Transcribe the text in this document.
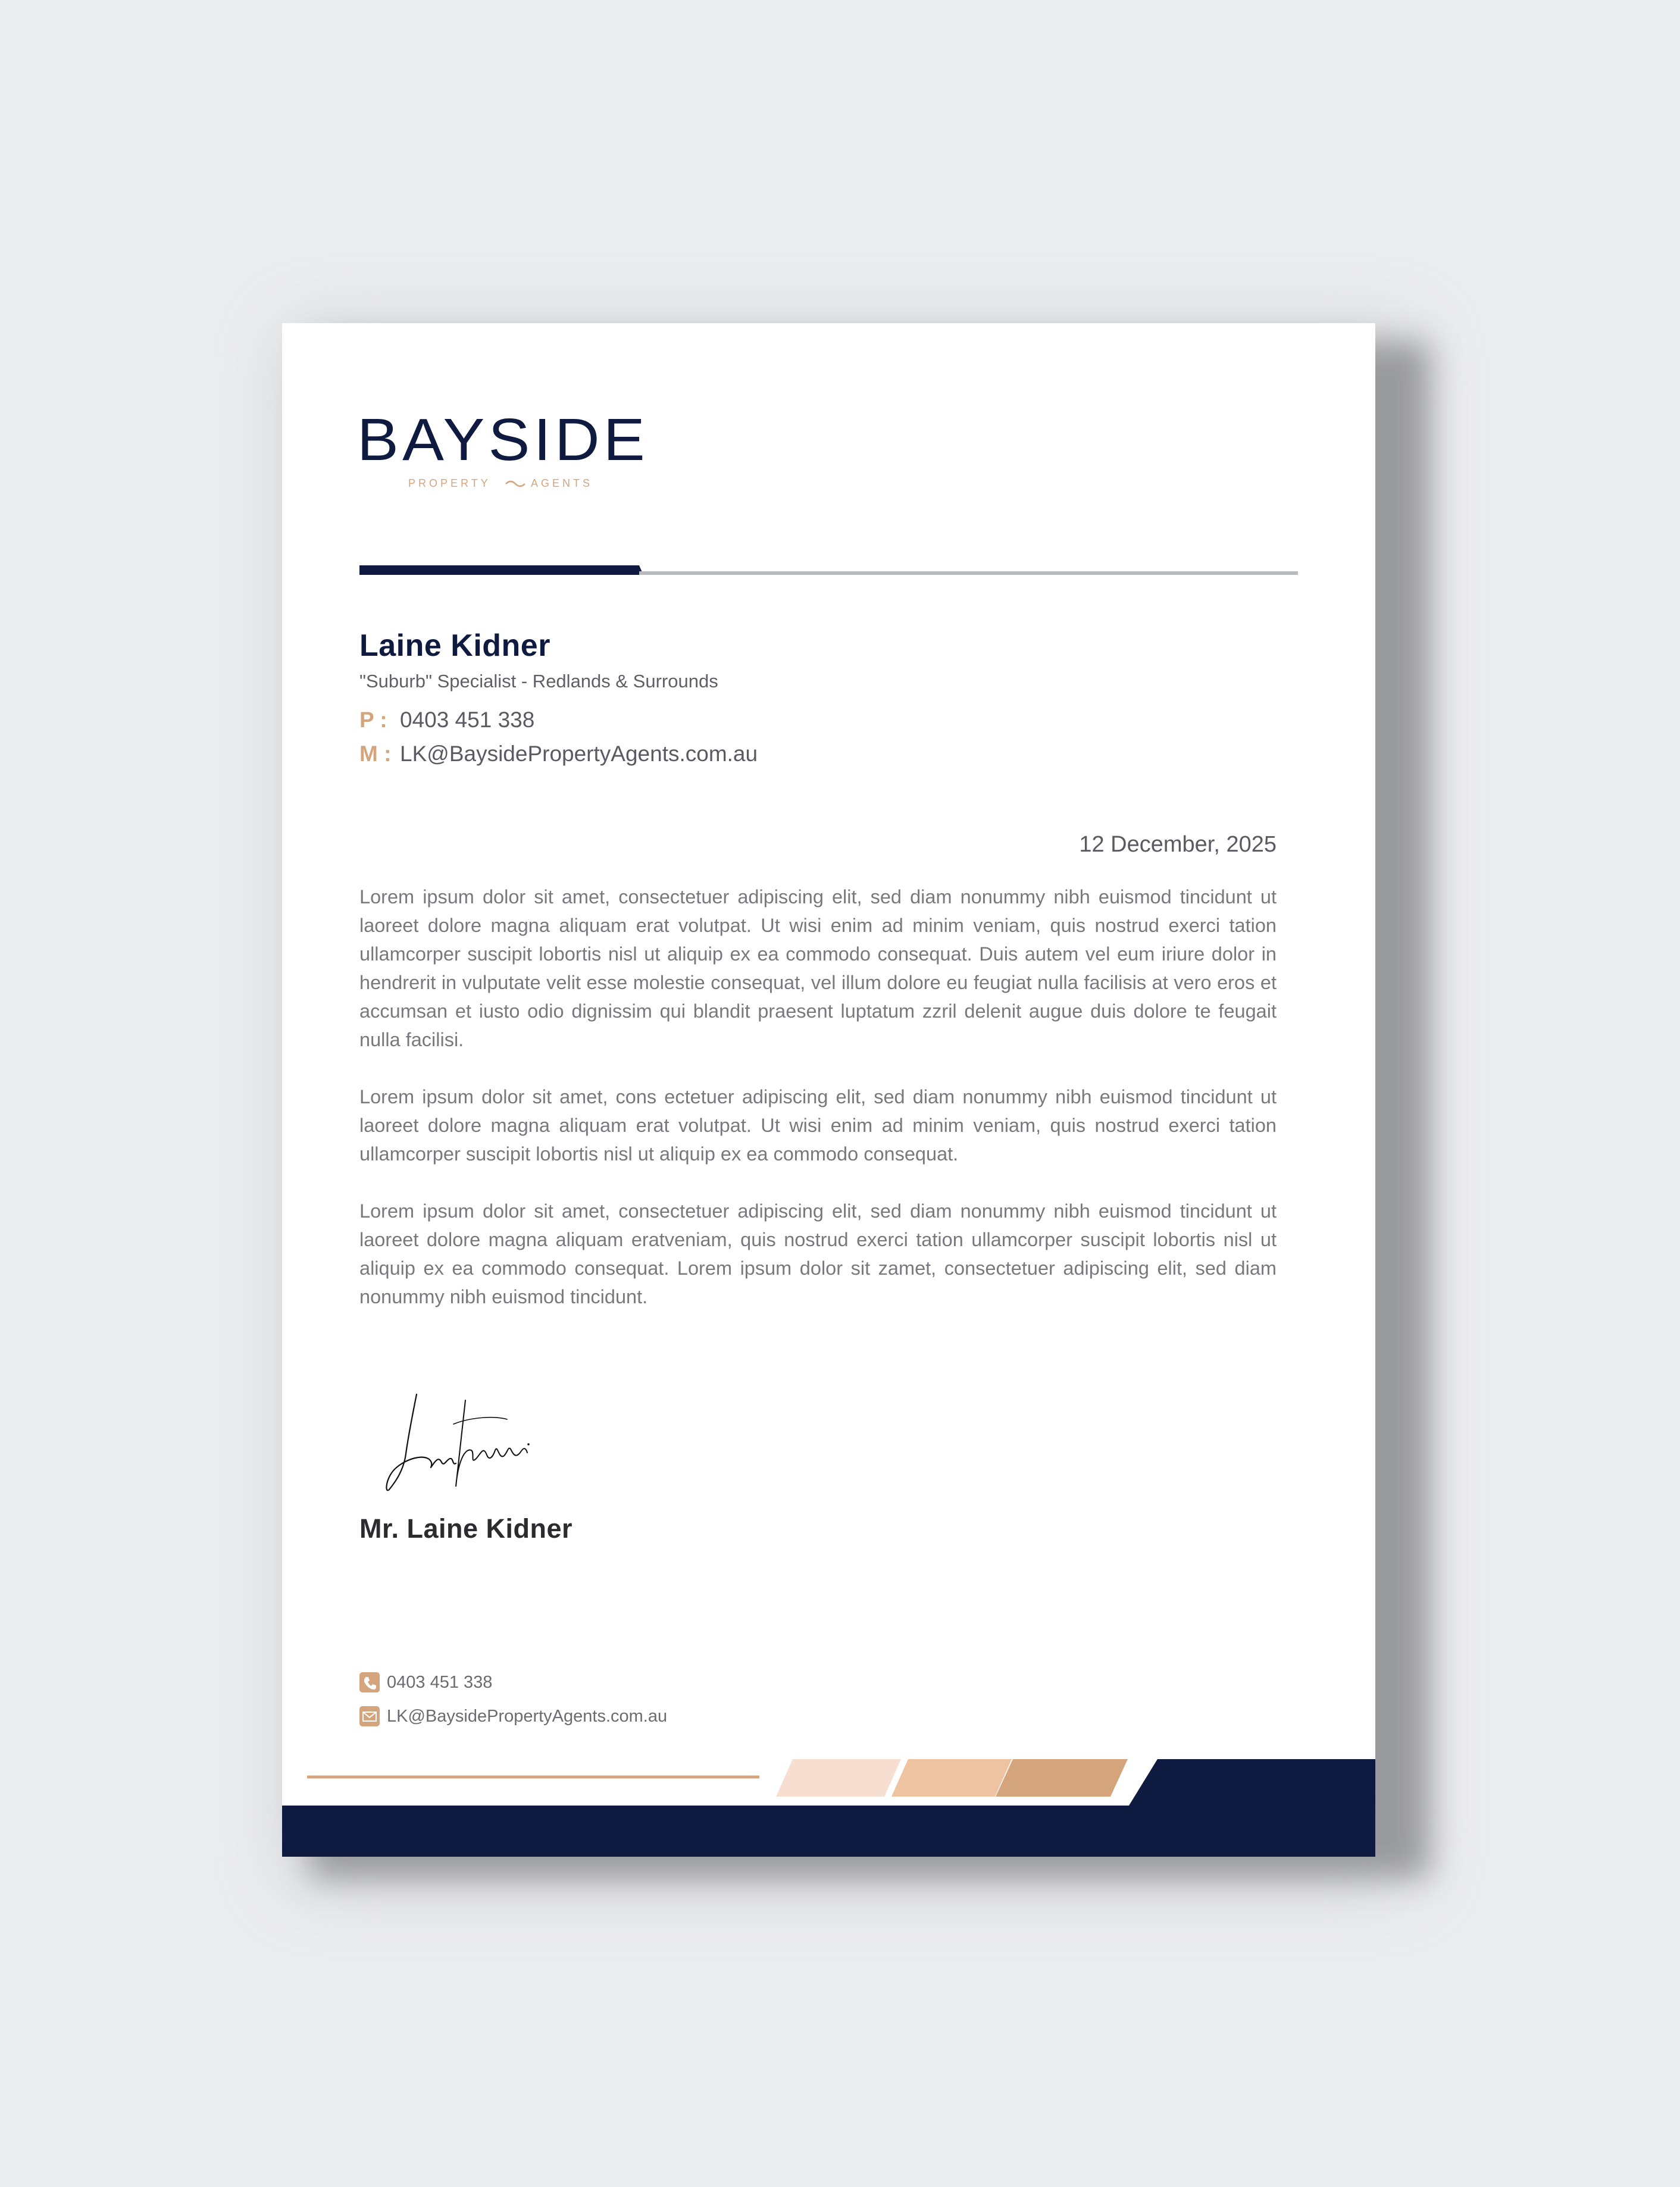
BAYSIDE
PROPERTY	AGENTS
Laine Kidner
"Suburb" Specialist - Redlands & Surrounds
P : 0403 451 338
M : LK@BaysidePropertyAgents.com.au
12 December, 2025

Lorem ipsum dolor sit amet, consectetuer adipiscing elit, sed diam nonummy nibh euismod tincidunt ut laoreet dolore magna aliquam erat volutpat. Ut wisi enim ad minim veniam, quis nostrud exerci tation ullamcorper suscipit lobortis nisl ut aliquip ex ea commodo consequat. Duis autem vel eum iriure dolor in hendrerit in vulputate velit esse molestie consequat, vel illum dolore eu feugiat nulla facilisis at vero eros et accumsan et iusto odio dignissim qui blandit praesent luptatum zzril delenit augue duis dolore te feugait nulla facilisi.

Lorem ipsum dolor sit amet, cons ectetuer adipiscing elit, sed diam nonummy nibh euismod tincidunt ut laoreet dolore magna aliquam erat volutpat. Ut wisi enim ad minim veniam, quis nostrud exerci tation ullamcorper suscipit lobortis nisl ut aliquip ex ea commodo consequat.

Lorem ipsum dolor sit amet, consectetuer adipiscing elit, sed diam nonummy nibh euismod tincidunt ut laoreet dolore magna aliquam eratveniam, quis nostrud exerci tation ullamcorper suscipit lobortis nisl ut aliquip ex ea commodo consequat. Lorem ipsum dolor sit zamet, consectetuer adipiscing elit, sed diam nonummy nibh euismod tincidunt.

Mr. Laine Kidner
0403 451 338
LK@BaysidePropertyAgents.com.au
